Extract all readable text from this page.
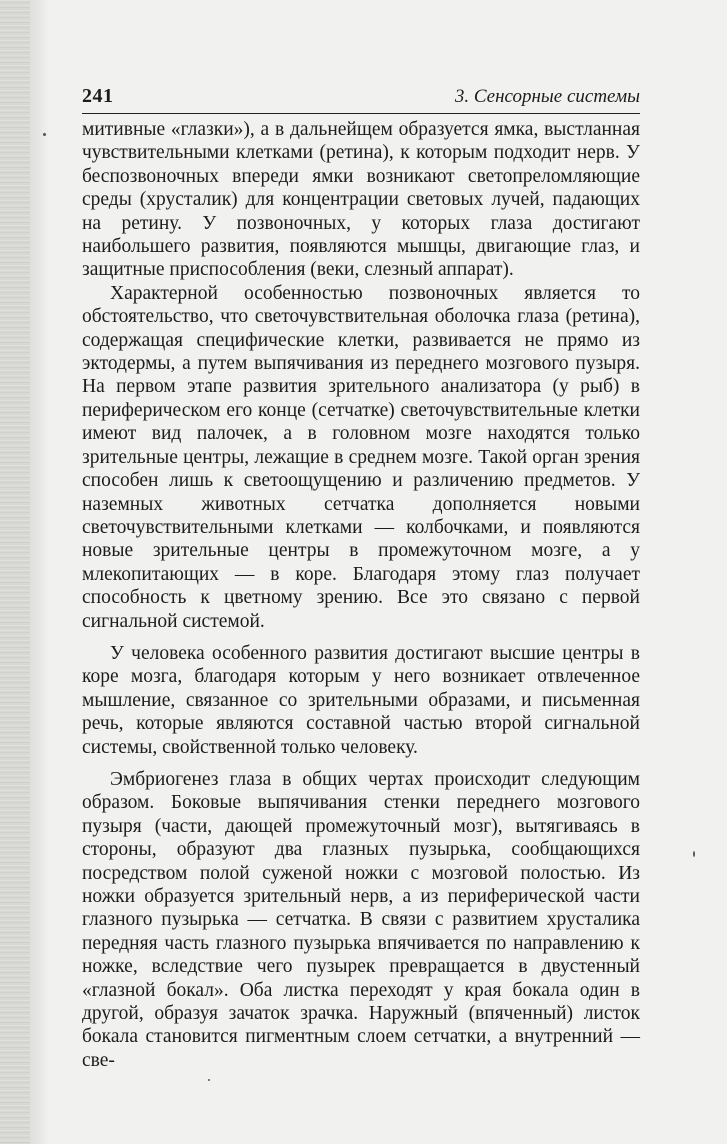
241	3. Сенсорные системы

митивные «глазки»), а в дальнейщем образуется ямка, выстланная чувствительными клетками (ретина), к которым подходит нерв. У беспозвоночных впереди ямки возникают светопреломляющие среды (хрусталик) для концентрации световых лучей, падающих на ретину. У позвоночных, у которых глаза достигают наибольшего развития, появляются мышцы, двигающие глаз, и защитные приспособления (веки, слезный аппарат).

Характерной особенностью позвоночных является то обстоятельство, что светочувствительная оболочка глаза (ретина), содержащая специфические клетки, развивается не прямо из эктодермы, а путем выпячивания из переднего мозгового пузыря. На первом этапе развития зрительного анализатора (у рыб) в периферическом его конце (сетчатке) светочувствительные клетки имеют вид палочек, а в головном мозге находятся только зрительные центры, лежащие в среднем мозге. Такой орган зрения способен лишь к светоощущению и различению предметов. У наземных животных сетчатка дополняется новыми светочувствительными клетками — колбочками, и появляются новые зрительные центры в промежуточном мозге, а у млекопитающих — в коре. Благодаря этому глаз получает способность к цветному зрению. Все это связано с первой сигнальной системой.

У человека особенного развития достигают высшие центры в коре мозга, благодаря которым у него возникает отвлеченное мышление, связанное со зрительными образами, и письменная речь, которые являются составной частью второй сигнальной системы, свойственной только человеку.

Эмбриогенез глаза в общих чертах происходит следующим образом. Боковые выпячивания стенки переднего мозгового пузыря (части, дающей промежуточный мозг), вытягиваясь в стороны, образуют два глазных пузырька, сообщающихся посредством полой суженой ножки с мозговой полостью. Из ножки образуется зрительный нерв, а из периферической части глазного пузырька — сетчатка. В связи с развитием хрусталика передняя часть глазного пузырька впячивается по направлению к ножке, вследствие чего пузырек превращается в двустенный «глазной бокал». Оба листка переходят у края бокала один в другой, образуя зачаток зрачка. Наружный (впяченный) листок бокала становится пигментным слоем сетчатки, а внутренний — све-
